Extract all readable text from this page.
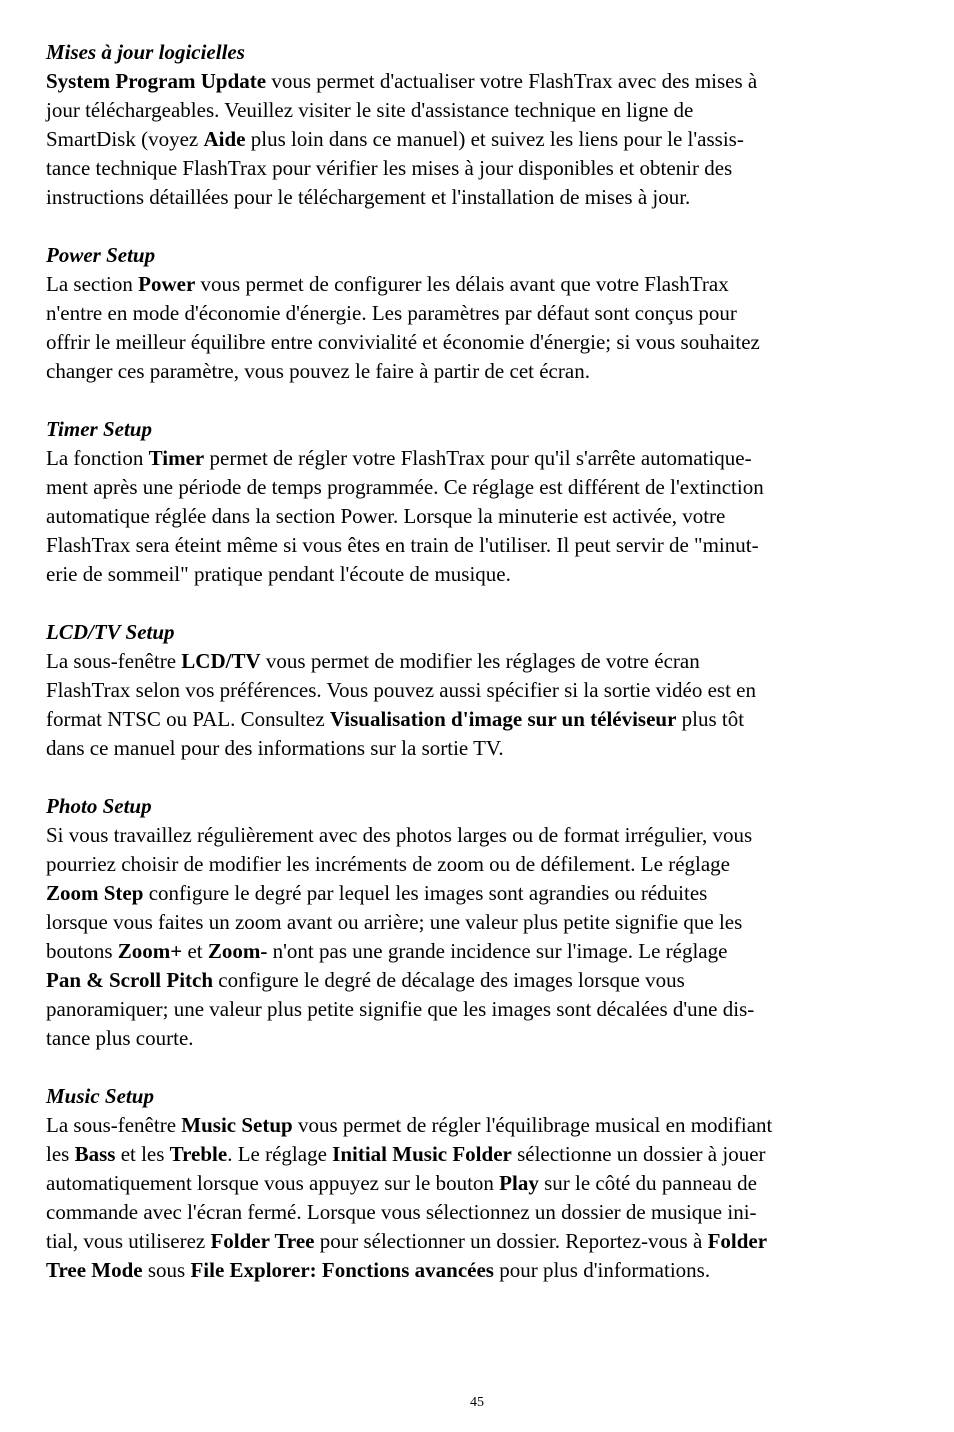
Mises à jour logicielles
System Program Update vous permet d'actualiser votre FlashTrax avec des mises à
jour téléchargeables. Veuillez visiter le site d'assistance technique en ligne de
SmartDisk (voyez Aide plus loin dans ce manuel) et suivez les liens pour le l'assis-
tance technique FlashTrax pour vérifier les mises à jour disponibles et obtenir des
instructions détaillées pour le téléchargement et l'installation de mises à jour.
Power Setup
La section Power vous permet de configurer les délais avant que votre FlashTrax
n'entre en mode d'économie d'énergie. Les paramètres par défaut sont conçus pour
offrir le meilleur équilibre entre convivialité et économie d'énergie; si vous souhaitez
changer ces paramètre, vous pouvez le faire à partir de cet écran.
Timer Setup
La fonction Timer permet de régler votre FlashTrax pour qu'il s'arrête automatique-
ment après une période de temps programmée. Ce réglage est différent de l'extinction
automatique réglée dans la section Power. Lorsque la minuterie est activée, votre
FlashTrax sera éteint même si vous êtes en train de l'utiliser. Il peut servir de "minut-
erie de sommeil" pratique pendant l'écoute de musique.
LCD/TV Setup
La sous-fenêtre LCD/TV vous permet de modifier les réglages de votre écran
FlashTrax selon vos préférences. Vous pouvez aussi spécifier si la sortie vidéo est en
format NTSC ou PAL. Consultez Visualisation d'image sur un téléviseur plus tôt
dans ce manuel pour des informations sur la sortie TV.
Photo Setup
Si vous travaillez régulièrement avec des photos larges ou de format irrégulier, vous
pourriez choisir de modifier les incréments de zoom ou de défilement. Le réglage
Zoom Step configure le degré par lequel les images sont agrandies ou réduites
lorsque vous faites un zoom avant ou arrière; une valeur plus petite signifie que les
boutons Zoom+ et Zoom- n'ont pas une grande incidence sur l'image. Le réglage
Pan & Scroll Pitch configure le degré de décalage des images lorsque vous
panoramiquer; une valeur plus petite signifie que les images sont décalées d'une dis-
tance plus courte.
Music Setup
La sous-fenêtre Music Setup vous permet de régler l'équilibrage musical en modifiant
les Bass et les Treble. Le réglage Initial Music Folder sélectionne un dossier à jouer
automatiquement lorsque vous appuyez sur le bouton Play sur le côté du panneau de
commande avec l'écran fermé. Lorsque vous sélectionnez un dossier de musique ini-
tial, vous utiliserez Folder Tree pour sélectionner un dossier. Reportez-vous à Folder
Tree Mode sous File Explorer: Fonctions avancées pour plus d'informations.
45
